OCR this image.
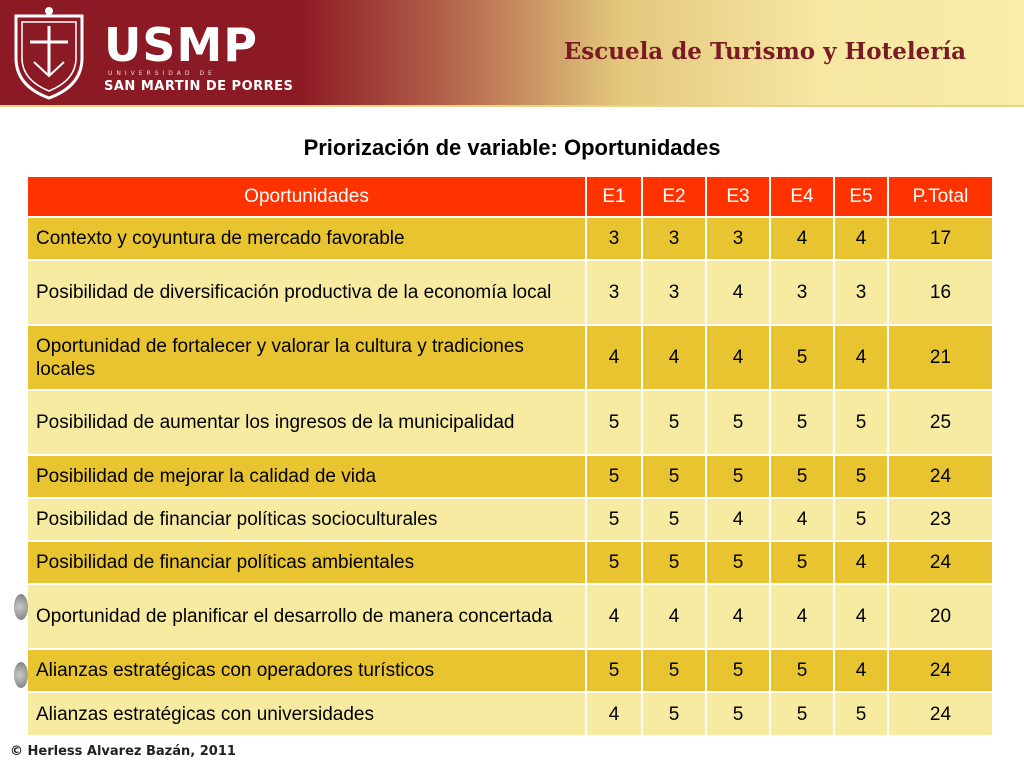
USMP
UNIVERSIDAD DE
SAN MARTIN DE PORRES
Escuela de Turismo y Hotelería
Priorización de variable: Oportunidades
Oportunidades	E1	E2	E3	E4	E5	P.Total
Contexto y coyuntura de mercado favorable	3	3	3	4	4	17
Posibilidad de diversificación productiva de la economía local	3	3	4	3	3	16
Oportunidad de fortalecer y valorar la cultura y tradiciones locales	4	4	4	5	4	21
Posibilidad de aumentar los ingresos de la municipalidad	5	5	5	5	5	25
Posibilidad de mejorar la calidad de vida	5	5	5	5	5	24
Posibilidad de financiar políticas socioculturales	5	5	4	4	5	23
Posibilidad de financiar políticas ambientales	5	5	5	5	4	24
Oportunidad de planificar el desarrollo de manera concertada	4	4	4	4	4	20
Alianzas estratégicas con operadores turísticos	5	5	5	5	4	24
Alianzas estratégicas con universidades	4	5	5	5	5	24
© Herless Alvarez Bazán, 2011
